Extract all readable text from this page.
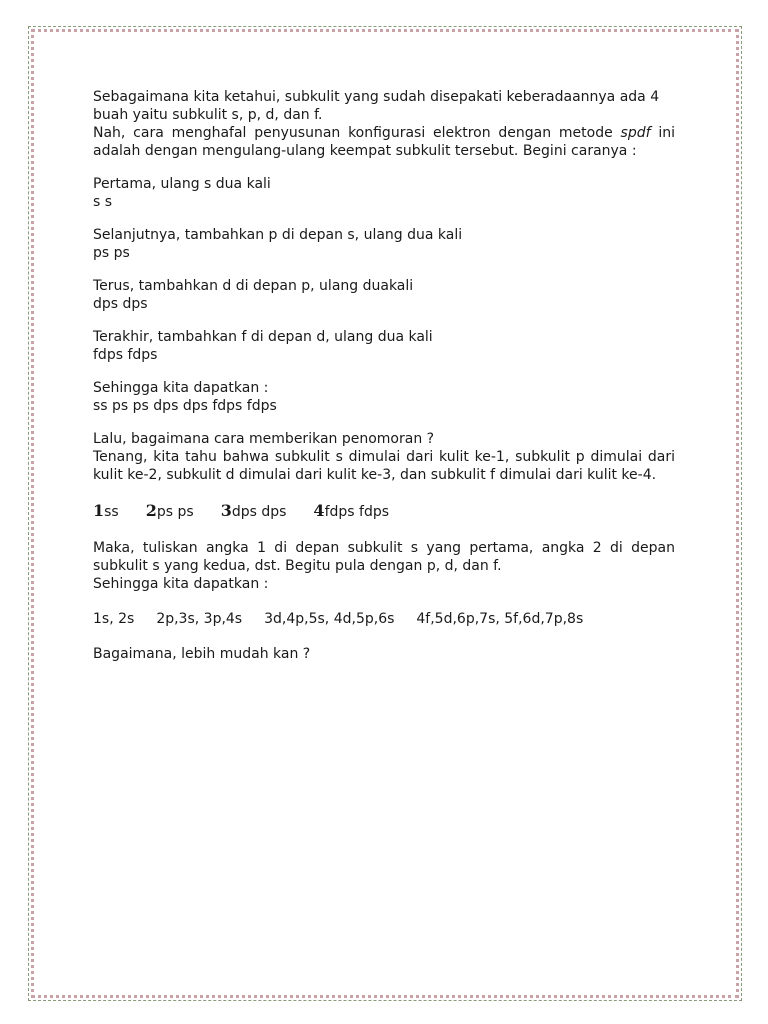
Sebagaimana kita ketahui, subkulit yang sudah disepakati keberadaannya ada 4 buah yaitu subkulit s, p, d, dan f.

Nah, cara menghafal penyusunan konfigurasi elektron dengan metode spdf ini adalah dengan mengulang-ulang keempat subkulit tersebut. Begini caranya :

Pertama, ulang s dua kali

s s

Selanjutnya, tambahkan p di depan s, ulang dua kali

ps ps

Terus, tambahkan d di depan p, ulang duakali

dps dps

Terakhir, tambahkan f di depan d, ulang dua kali

fdps fdps

Sehingga kita dapatkan :

ss ps ps dps dps fdps fdps

Lalu, bagaimana cara memberikan penomoran ?

Tenang, kita tahu bahwa subkulit s dimulai dari kulit ke-1, subkulit p dimulai dari kulit ke-2, subkulit d dimulai dari kulit ke-3, dan subkulit f dimulai dari kulit ke-4.

1ss 2ps ps 3dps dps 4fdps fdps

Maka, tuliskan angka 1 di depan subkulit s yang pertama, angka 2 di depan subkulit s yang kedua, dst. Begitu pula dengan p, d, dan f.

Sehingga kita dapatkan :

1s, 2s 2p,3s, 3p,4s 3d,4p,5s, 4d,5p,6s 4f,5d,6p,7s, 5f,6d,7p,8s

Bagaimana, lebih mudah kan ?
